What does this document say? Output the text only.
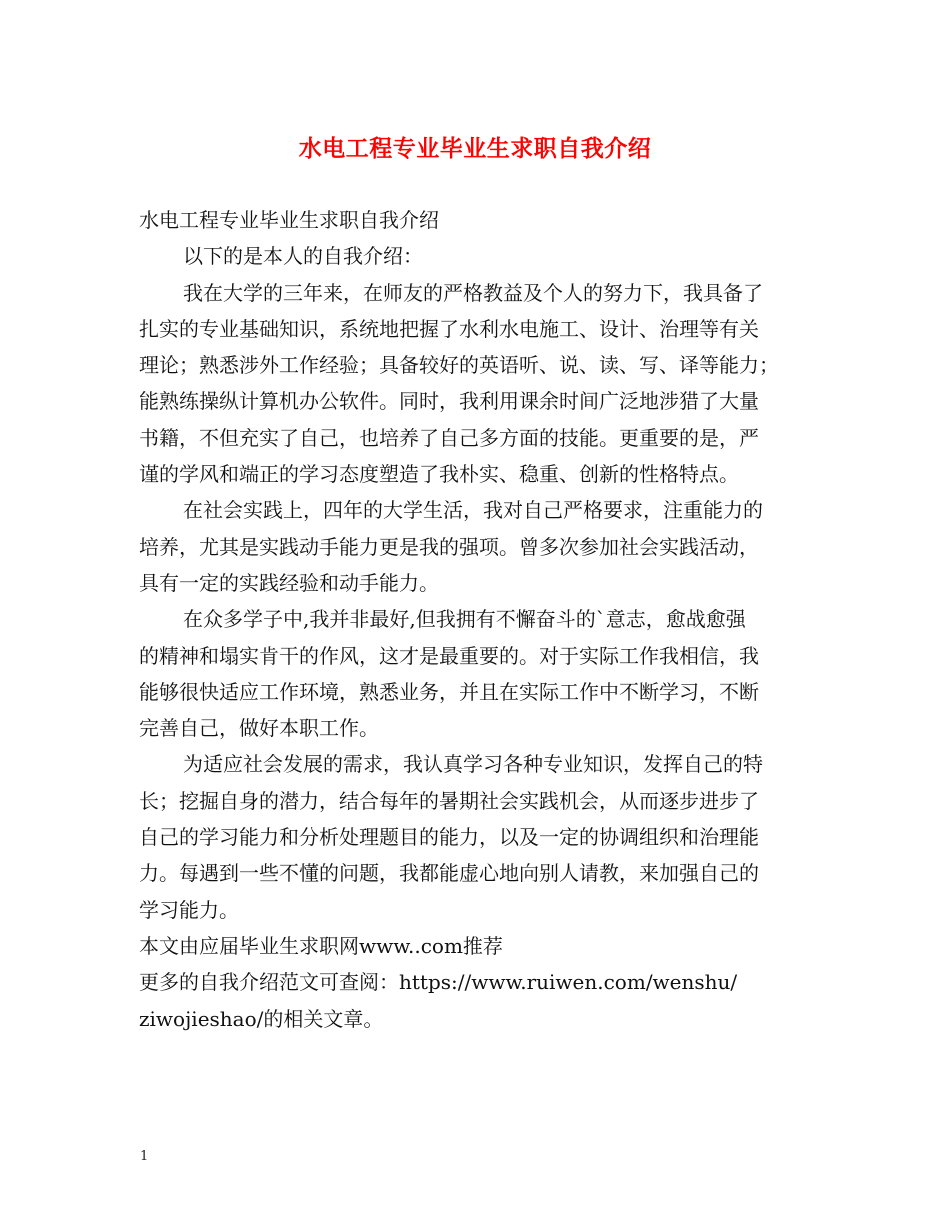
水电工程专业毕业生求职自我介绍
水电工程专业毕业生求职自我介绍
以下的是本人的自我介绍：
我在大学的三年来，在师友的严格教益及个人的努力下，我具备了
扎实的专业基础知识，系统地把握了水利水电施工、设计、治理等有关
理论；熟悉涉外工作经验；具备较好的英语听、说、读、写、译等能力；
能熟练操纵计算机办公软件。同时，我利用课余时间广泛地涉猎了大量
书籍，不但充实了自己，也培养了自己多方面的技能。更重要的是，严
谨的学风和端正的学习态度塑造了我朴实、稳重、创新的性格特点。
在社会实践上，四年的大学生活，我对自己严格要求，注重能力的
培养，尤其是实践动手能力更是我的强项。曾多次参加社会实践活动，
具有一定的实践经验和动手能力。
在众多学子中,我并非最好,但我拥有不懈奋斗的`意志，愈战愈强
的精神和塌实肯干的作风，这才是最重要的。对于实际工作我相信，我
能够很快适应工作环境，熟悉业务，并且在实际工作中不断学习，不断
完善自己，做好本职工作。
为适应社会发展的需求，我认真学习各种专业知识，发挥自己的特
长；挖掘自身的潜力，结合每年的暑期社会实践机会，从而逐步进步了
自己的学习能力和分析处理题目的能力，以及一定的协调组织和治理能
力。每遇到一些不懂的问题，我都能虚心地向别人请教，来加强自己的
学习能力。
本文由应届毕业生求职网www..com推荐
更多的自我介绍范文可查阅：https://www.ruiwen.com/wenshu/
ziwojieshao/的相关文章。
1
